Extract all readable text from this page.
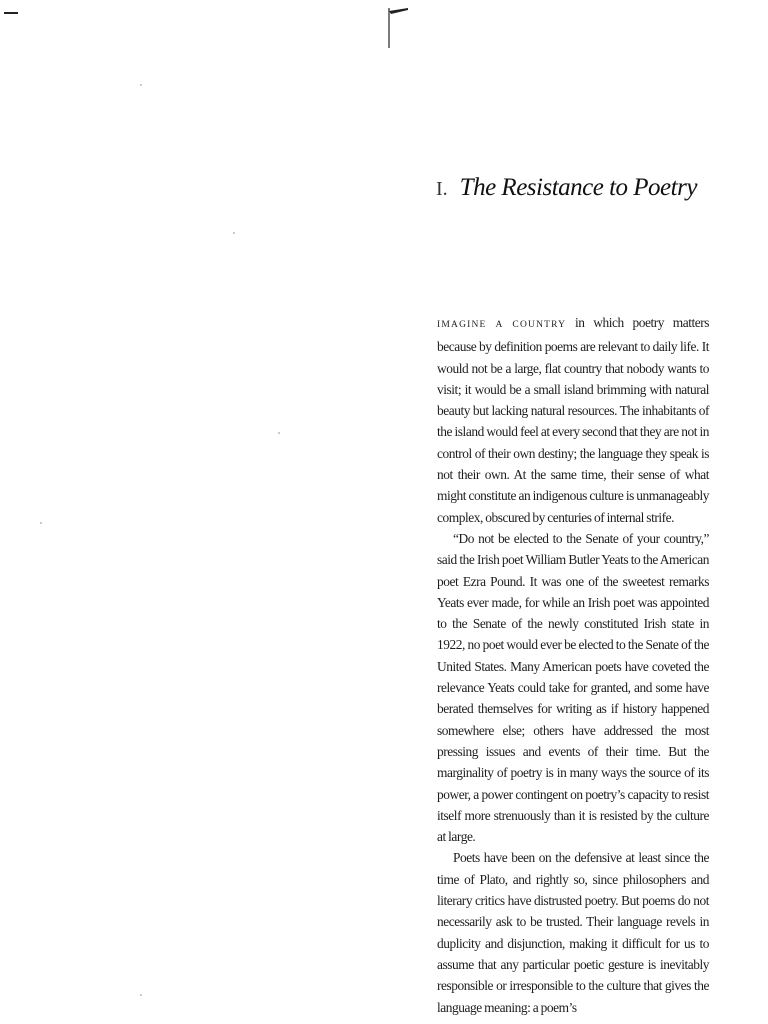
I. The Resistance to Poetry

IMAGINE A COUNTRY in which poetry matters because by definition poems are relevant to daily life. It would not be a large, flat country that nobody wants to visit; it would be a small island brimming with natural beauty but lacking natural resources. The inhabitants of the island would feel at every second that they are not in control of their own destiny; the language they speak is not their own. At the same time, their sense of what might constitute an indigenous culture is unmanageably complex, obscured by centuries of internal strife.

“Do not be elected to the Senate of your country,” said the Irish poet William Butler Yeats to the American poet Ezra Pound. It was one of the sweetest remarks Yeats ever made, for while an Irish poet was appointed to the Senate of the newly constituted Irish state in 1922, no poet would ever be elected to the Senate of the United States. Many American poets have coveted the relevance Yeats could take for granted, and some have berated themselves for writing as if history happened somewhere else; others have addressed the most pressing issues and events of their time. But the marginality of poetry is in many ways the source of its power, a power contingent on poetry’s capacity to resist itself more strenuously than it is resisted by the culture at large.

Poets have been on the defensive at least since the time of Plato, and rightly so, since philosophers and literary critics have distrusted poetry. But poems do not necessarily ask to be trusted. Their language revels in duplicity and disjunction, making it difficult for us to assume that any particular poetic gesture is inevitably responsible or irresponsible to the culture that gives the language meaning: a poem’s
